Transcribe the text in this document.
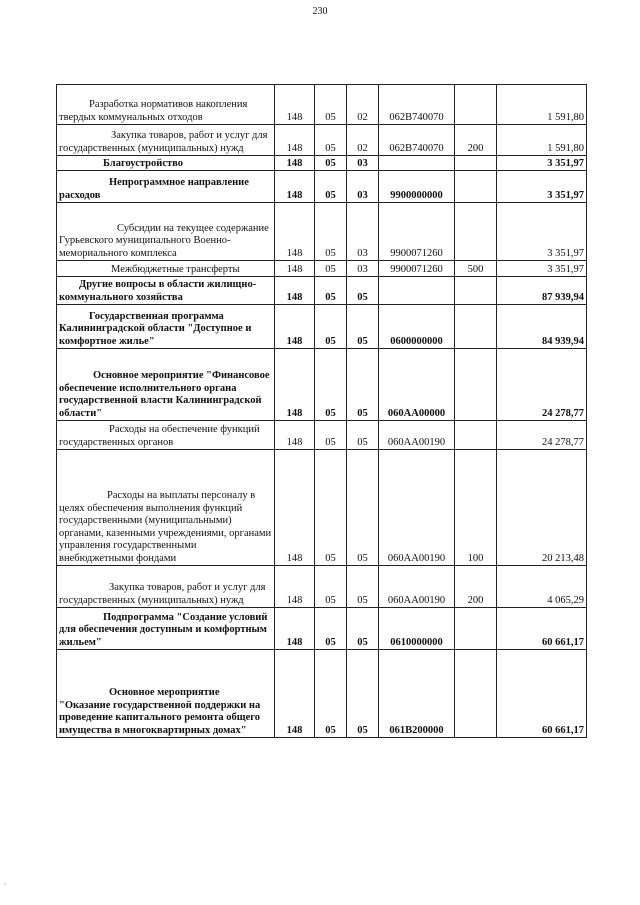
230
Разработка нормативов накопления твердых коммунальных отходов	148	05	02	062B740070		1 591,80
Закупка товаров, работ и услуг для государственных (муниципальных) нужд	148	05	02	062B740070	200	1 591,80
Благоустройство	148	05	03			3 351,97
Непрограммное направление расходов	148	05	03	9900000000		3 351,97
Субсидии на текущее содержание Гурьевского муниципального Военно-мемориального комплекса	148	05	03	9900071260		3 351,97
Межбюджетные трансферты	148	05	03	9900071260	500	3 351,97
Другие вопросы в области жилищно-коммунального хозяйства	148	05	05			87 939,94
Государственная программа Калининградской области "Доступное и комфортное жилье"	148	05	05	0600000000		84 939,94
Основное мероприятие "Финансовое обеспечение исполнительного органа государственной власти Калининградской области"	148	05	05	060АА00000		24 278,77
Расходы на обеспечение функций государственных органов	148	05	05	060АА00190		24 278,77
Расходы на выплаты персоналу в целях обеспечения выполнения функций государственными (муниципальными) органами, казенными учреждениями, органами управления государственными внебюджетными фондами	148	05	05	060АА00190	100	20 213,48
Закупка товаров, работ и услуг для государственных (муниципальных) нужд	148	05	05	060АА00190	200	4 065,29
Подпрограмма "Создание условий для обеспечения доступным и комфортным жильем"	148	05	05	0610000000		60 661,17
Основное мероприятие "Оказание государственной поддержки на проведение капитального ремонта общего имущества в многоквартирных домах"	148	05	05	061В200000		60 661,17
·
